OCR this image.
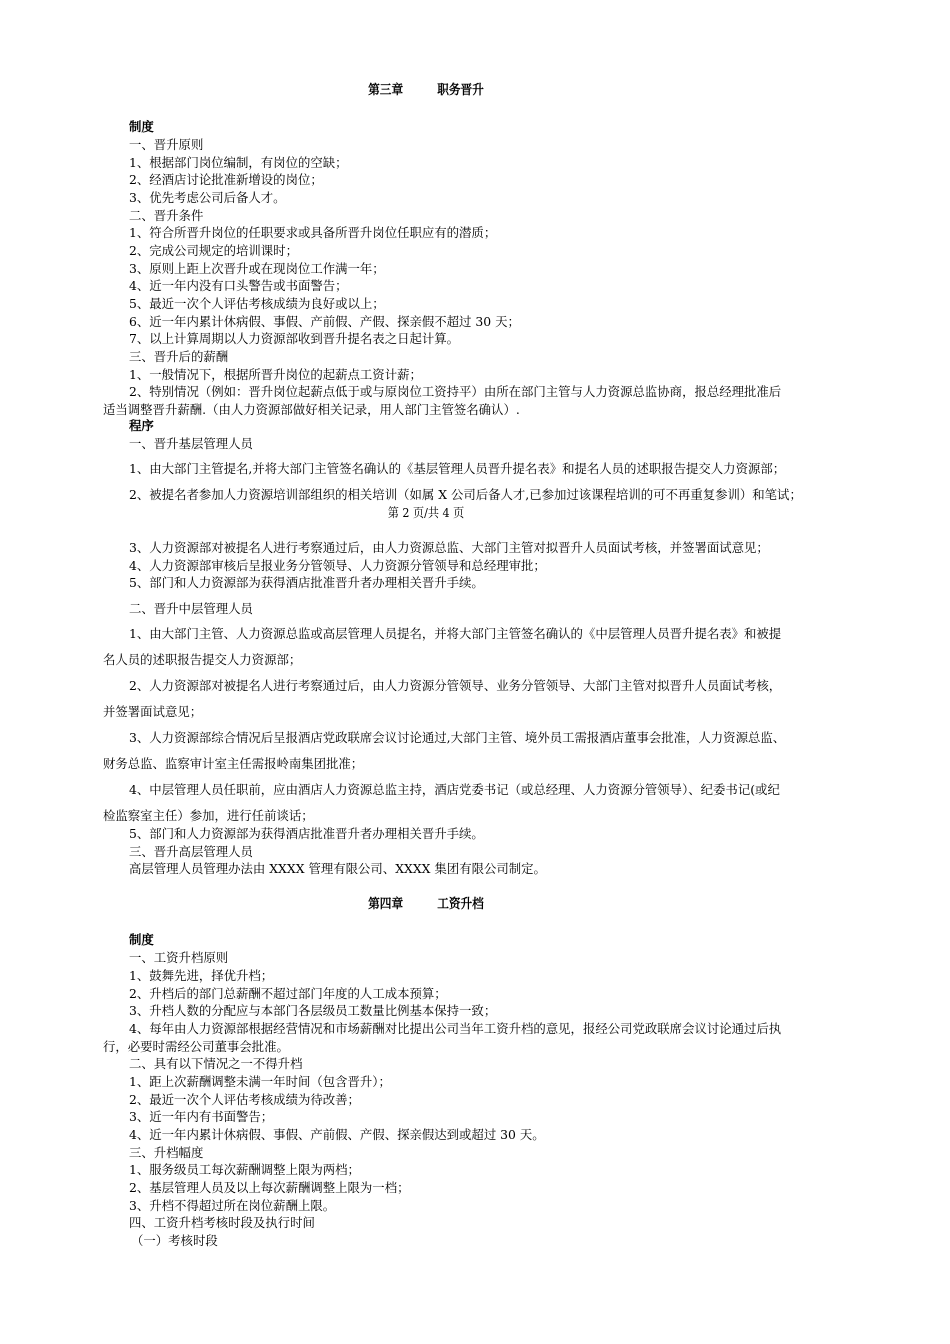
第三章	职务晋升
制度
一、晋升原则
1、根据部门岗位编制，有岗位的空缺；
2、经酒店讨论批准新增设的岗位；
3、优先考虑公司后备人才。
二、晋升条件
1、符合所晋升岗位的任职要求或具备所晋升岗位任职应有的潜质；
2、完成公司规定的培训课时；
3、原则上距上次晋升或在现岗位工作满一年；
4、近一年内没有口头警告或书面警告；
5、最近一次个人评估考核成绩为良好或以上；
6、近一年内累计休病假、事假、产前假、产假、探亲假不超过 30 天；
7、以上计算周期以人力资源部收到晋升提名表之日起计算。
三、晋升后的薪酬
1、一般情况下，根据所晋升岗位的起薪点工资计薪；
2、特别情况（例如：晋升岗位起薪点低于或与原岗位工资持平）由所在部门主管与人力资源总监协商，报总经理批准后
适当调整晋升薪酬.（由人力资源部做好相关记录，用人部门主管签名确认）.
程序
一、晋升基层管理人员
1、由大部门主管提名,并将大部门主管签名确认的《基层管理人员晋升提名表》和提名人员的述职报告提交人力资源部；
2、被提名者参加人力资源培训部组织的相关培训（如属 X 公司后备人才,已参加过该课程培训的可不再重复参训）和笔试；
第 2 页/共 4 页
3、人力资源部对被提名人进行考察通过后，由人力资源总监、大部门主管对拟晋升人员面试考核，并签署面试意见；
4、人力资源部审核后呈报业务分管领导、人力资源分管领导和总经理审批；
5、部门和人力资源部为获得酒店批准晋升者办理相关晋升手续。
二、晋升中层管理人员
1、由大部门主管、人力资源总监或高层管理人员提名，并将大部门主管签名确认的《中层管理人员晋升提名表》和被提
名人员的述职报告提交人力资源部；
2、人力资源部对被提名人进行考察通过后，由人力资源分管领导、业务分管领导、大部门主管对拟晋升人员面试考核，
并签署面试意见；
3、人力资源部综合情况后呈报酒店党政联席会议讨论通过,大部门主管、境外员工需报酒店董事会批准，人力资源总监、
财务总监、监察审计室主任需报岭南集团批准；
4、中层管理人员任职前，应由酒店人力资源总监主持，酒店党委书记（或总经理、人力资源分管领导）、纪委书记(或纪
检监察室主任）参加，进行任前谈话；
5、部门和人力资源部为获得酒店批准晋升者办理相关晋升手续。
三、晋升高层管理人员
高层管理人员管理办法由 XXXX 管理有限公司、XXXX 集团有限公司制定。
第四章	工资升档
制度
一、工资升档原则
1、鼓舞先进，择优升档；
2、升档后的部门总薪酬不超过部门年度的人工成本预算；
3、升档人数的分配应与本部门各层级员工数量比例基本保持一致；
4、每年由人力资源部根据经营情况和市场薪酬对比提出公司当年工资升档的意见，报经公司党政联席会议讨论通过后执
行，必要时需经公司董事会批准。
二、具有以下情况之一不得升档
1、距上次薪酬调整未满一年时间（包含晋升）；
2、最近一次个人评估考核成绩为待改善；
3、近一年内有书面警告；
4、近一年内累计休病假、事假、产前假、产假、探亲假达到或超过 30 天。
三、升档幅度
1、服务级员工每次薪酬调整上限为两档；
2、基层管理人员及以上每次薪酬调整上限为一档；
3、升档不得超过所在岗位薪酬上限。
四、工资升档考核时段及执行时间
（一）考核时段
